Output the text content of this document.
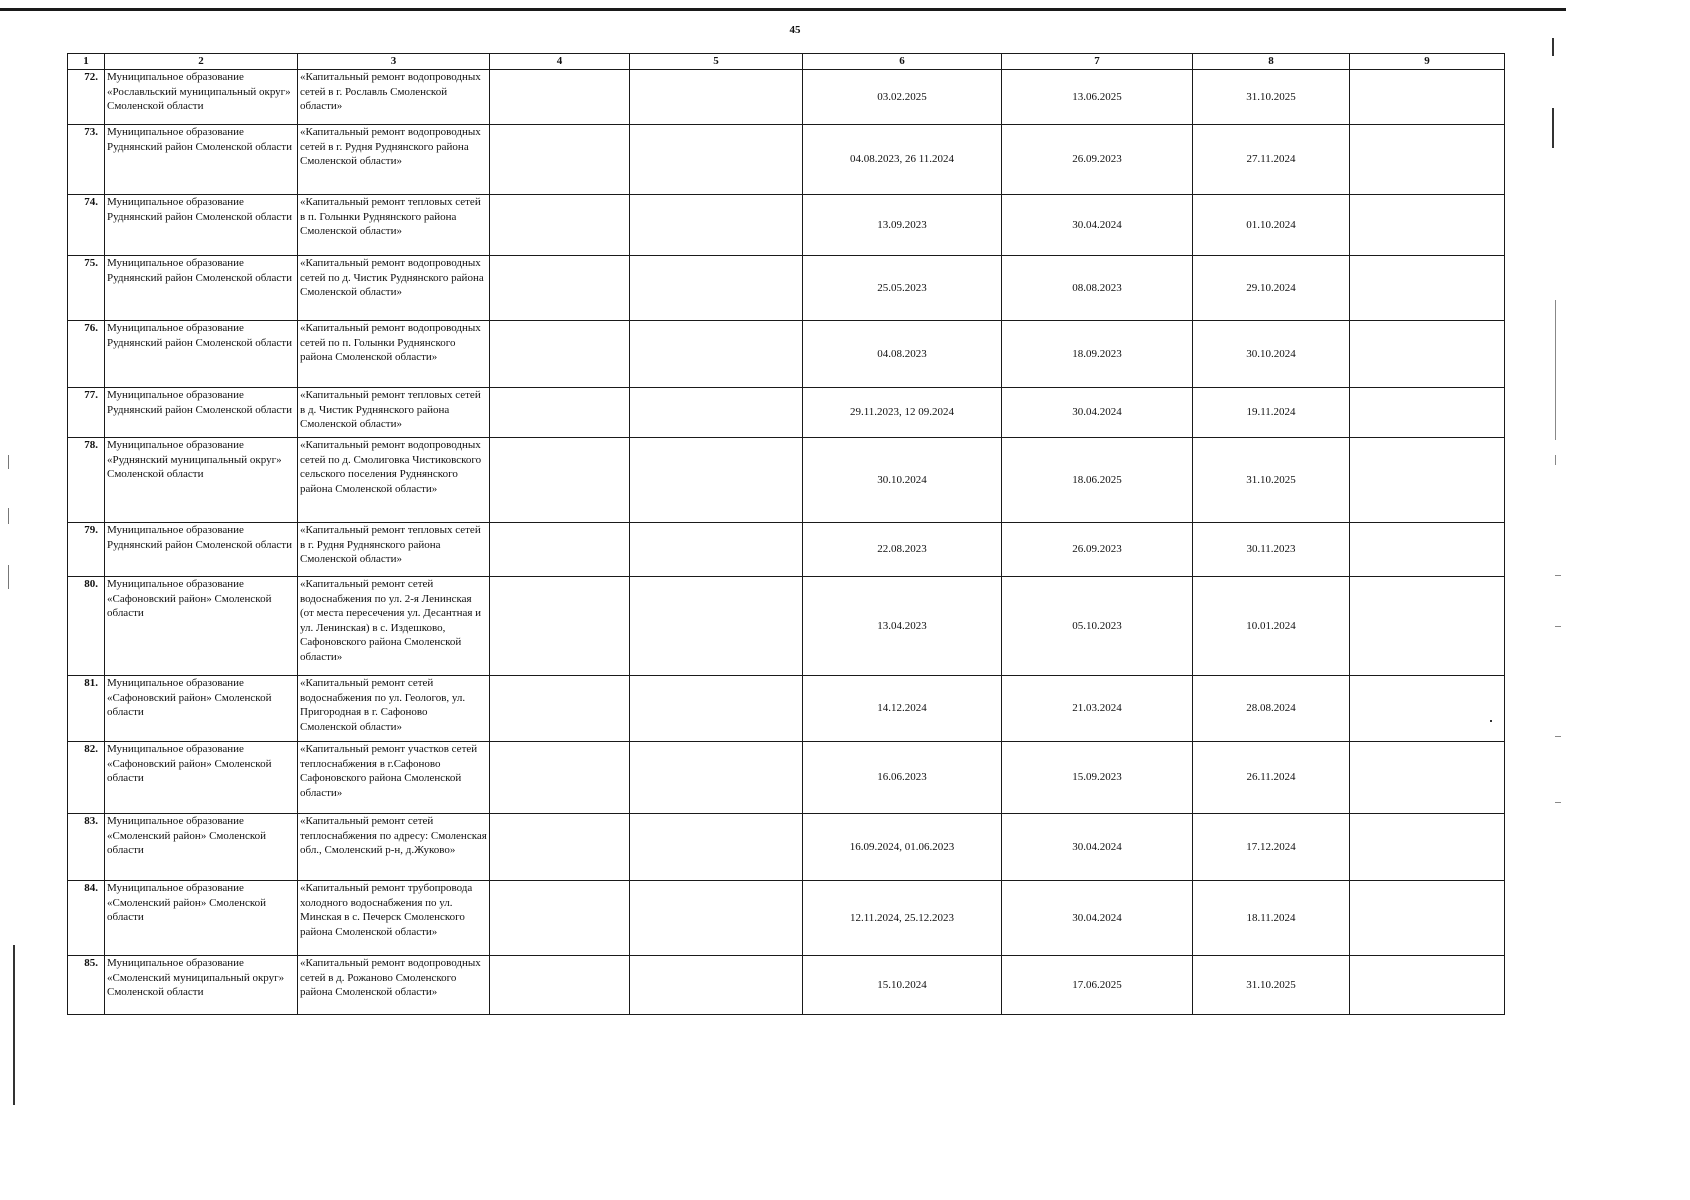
45
1	2	3	4	5	6	7	8	9
72.	Муниципальное образование «Рославльский муниципальный округ» Смоленской области	«Капитальный ремонт водопроводных сетей в г. Рославль Смоленской области»			03.02.2025	13.06.2025	31.10.2025	
73.	Муниципальное образование Руднянский район Смоленской области	«Капитальный ремонт водопроводных сетей в г. Рудня Руднянского района Смоленской области»			04.08.2023, 26 11.2024	26.09.2023	27.11.2024	
74.	Муниципальное образование Руднянский район Смоленской области	«Капитальный ремонт тепловых сетей в п. Голынки Руднянского района Смоленской области»			13.09.2023	30.04.2024	01.10.2024	
75.	Муниципальное образование Руднянский район Смоленской области	«Капитальный ремонт водопроводных сетей по д. Чистик Руднянского района Смоленской области»			25.05.2023	08.08.2023	29.10.2024	
76.	Муниципальное образование Руднянский район Смоленской области	«Капитальный ремонт водопроводных сетей по п. Голынки Руднянского района Смоленской области»			04.08.2023	18.09.2023	30.10.2024	
77.	Муниципальное образование Руднянский район Смоленской области	«Капитальный ремонт тепловых сетей в д. Чистик Руднянского района Смоленской области»			29.11.2023, 12 09.2024	30.04.2024	19.11.2024	
78.	Муниципальное образование «Руднянский муниципальный округ» Смоленской области	«Капитальный ремонт водопроводных сетей по д. Смолиговка Чистиковского сельского поселения Руднянского района Смоленской области»			30.10.2024	18.06.2025	31.10.2025	
79.	Муниципальное образование Руднянский район Смоленской области	«Капитальный ремонт тепловых сетей в г. Рудня Руднянского района Смоленской области»			22.08.2023	26.09.2023	30.11.2023	
80.	Муниципальное образование «Сафоновский район» Смоленской области	«Капитальный ремонт сетей водоснабжения по ул. 2-я Ленинская (от места пересечения ул. Десантная и ул. Ленинская) в с. Издешково, Сафоновского района Смоленской области»			13.04.2023	05.10.2023	10.01.2024	
81.	Муниципальное образование «Сафоновский район» Смоленской области	«Капитальный ремонт сетей водоснабжения по ул. Геологов, ул. Пригородная в г. Сафоново Смоленской области»			14.12.2024	21.03.2024	28.08.2024	
82.	Муниципальное образование «Сафоновский район» Смоленской области	«Капитальный ремонт участков сетей теплоснабжения в г.Сафоново Сафоновского района Смоленской области»			16.06.2023	15.09.2023	26.11.2024	
83.	Муниципальное образование «Смоленский район» Смоленской области	«Капитальный ремонт сетей теплоснабжения по адресу: Смоленская обл., Смоленский р-н, д.Жуково»			16.09.2024, 01.06.2023	30.04.2024	17.12.2024	
84.	Муниципальное образование «Смоленский район» Смоленской области	«Капитальный ремонт трубопровода холодного водоснабжения по ул. Минская в с. Печерск Смоленского района Смоленской области»			12.11.2024, 25.12.2023	30.04.2024	18.11.2024	
85.	Муниципальное образование «Смоленский муниципальный округ» Смоленской области	«Капитальный ремонт водопроводных сетей в д. Рожаново Смоленского района Смоленской области»			15.10.2024	17.06.2025	31.10.2025	
